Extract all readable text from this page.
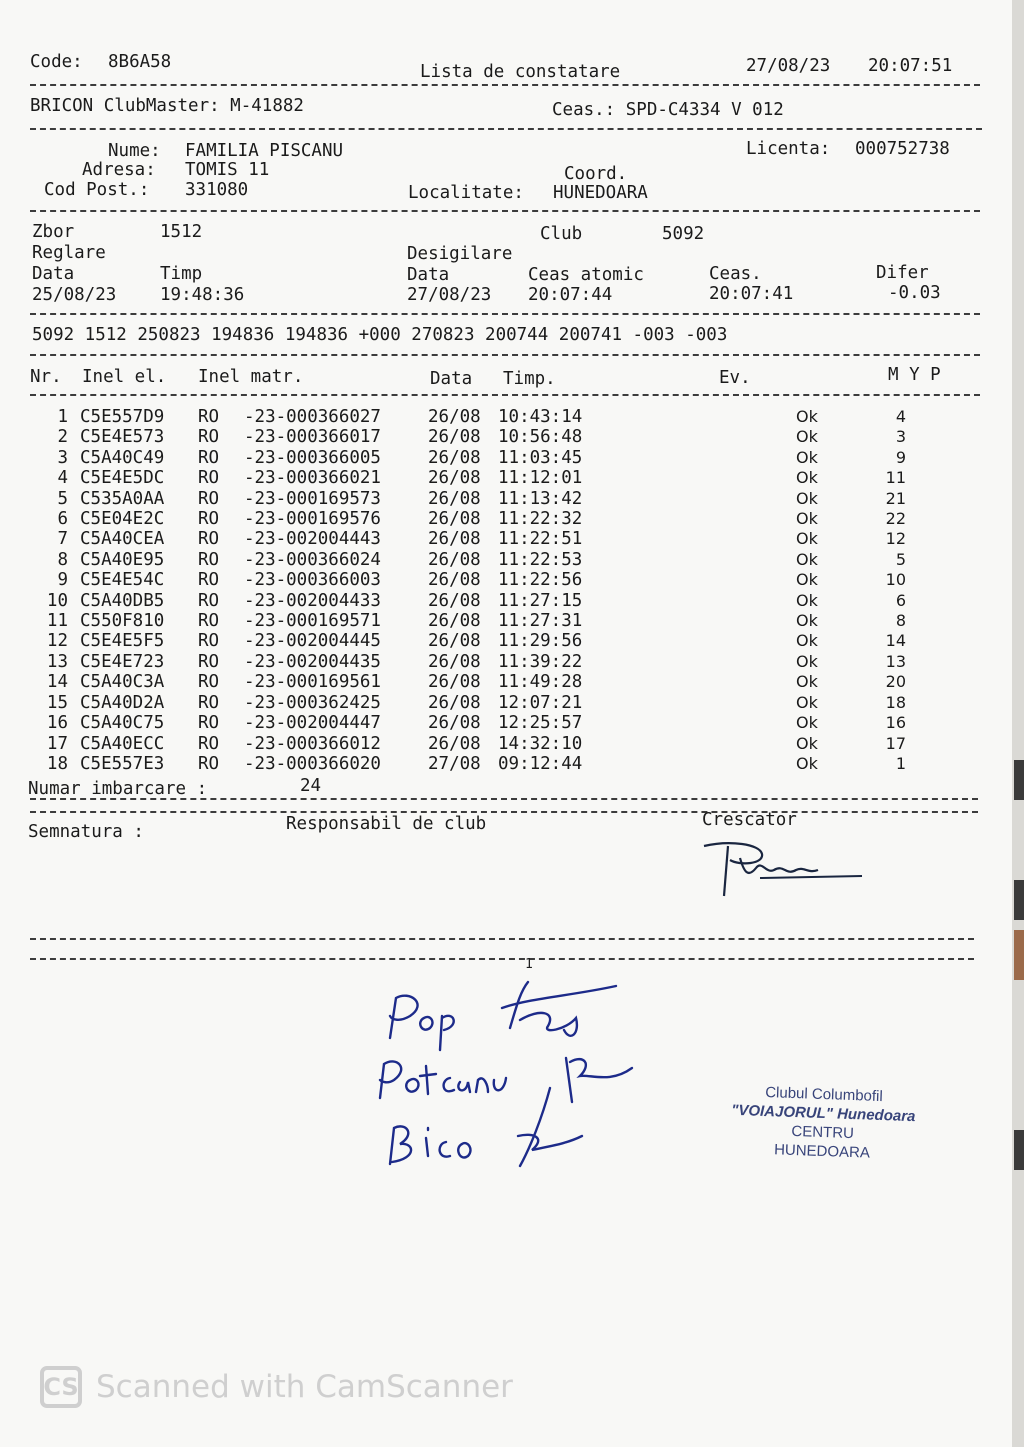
Code: 8B6A58	Lista de constatare	27/08/23 20:07:51
BRICON ClubMaster: M-41882	Ceas.: SPD-C4334 V 012
Nume: FAMILIA PISCANU
Adresa: TOMIS 11
Cod Post.: 331080
Licenta: 000752738
Coord.
Localitate: HUNEDOARA
Zbor	1512	Club	5092
Reglare	Desigilare
Data	Timp	Data	Ceas atomic	Ceas.	Difer
25/08/23 19:48:36	27/08/23 20:07:44	20:07:41	-0.03
5092 1512 250823 194836 194836 +000 270823 200744 200741 -003 -003
Nr. Inel el. Inel matr.	Data Timp.	Ev.	M Y P
1	C5E557D9	RO	-23-000366027	26/08	10:43:14		Ok	4
2	C5E4E573	RO	-23-000366017	26/08	10:56:48		Ok	3
3	C5A40C49	RO	-23-000366005	26/08	11:03:45		Ok	9
4	C5E4E5DC	RO	-23-000366021	26/08	11:12:01		Ok	11
5	C535A0AA	RO	-23-000169573	26/08	11:13:42		Ok	21
6	C5E04E2C	RO	-23-000169576	26/08	11:22:32		Ok	22
7	C5A40CEA	RO	-23-002004443	26/08	11:22:51		Ok	12
8	C5A40E95	RO	-23-000366024	26/08	11:22:53		Ok	5
9	C5E4E54C	RO	-23-000366003	26/08	11:22:56		Ok	10
10	C5A40DB5	RO	-23-002004433	26/08	11:27:15		Ok	6
11	C550F810	RO	-23-000169571	26/08	11:27:31		Ok	8
12	C5E4E5F5	RO	-23-002004445	26/08	11:29:56		Ok	14
13	C5E4E723	RO	-23-002004435	26/08	11:39:22		Ok	13
14	C5A40C3A	RO	-23-000169561	26/08	11:49:28		Ok	20
15	C5A40D2A	RO	-23-000362425	26/08	12:07:21		Ok	18
16	C5A40C75	RO	-23-002004447	26/08	12:25:57		Ok	16
17	C5A40ECC	RO	-23-000366012	26/08	14:32:10		Ok	17
18	C5E557E3	RO	-23-000366020	27/08	09:12:44		Ok	1
Numar imbarcare :	24
Semnatura :	Responsabil de club	Crescator
1
Clubul Columbofil
"VOIAJORUL" Hunedoara
CENTRU
HUNEDOARA
CS Scanned with CamScanner
